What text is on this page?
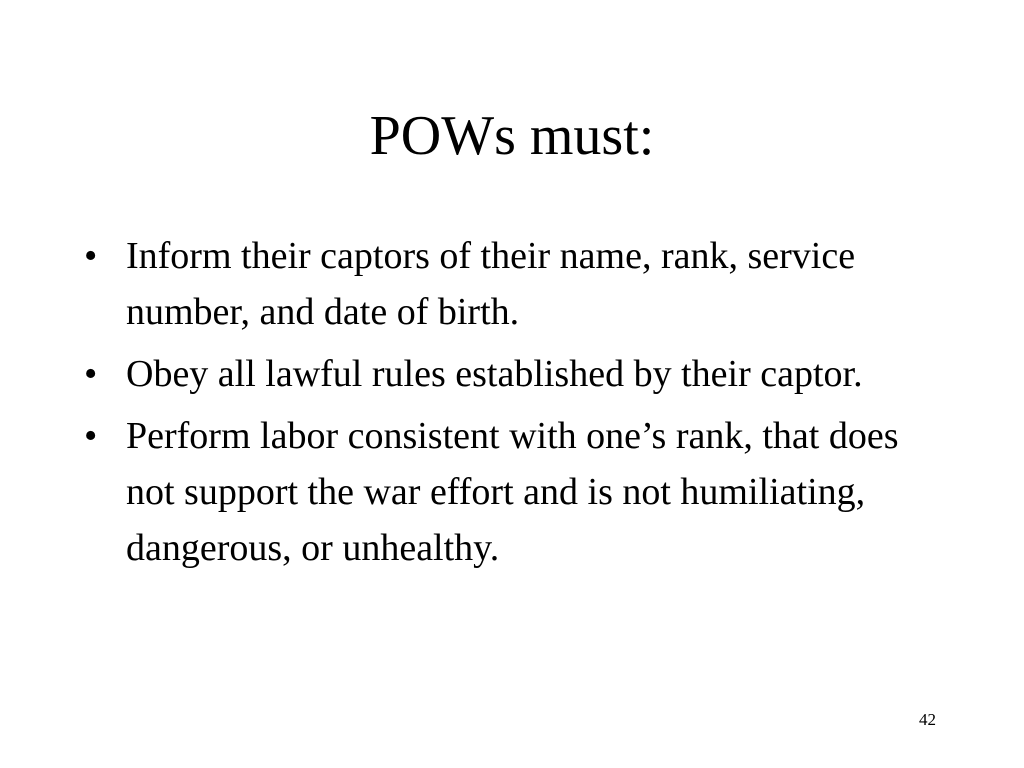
POWs must:
• Inform their captors of their name, rank, service number, and date of birth.
• Obey all lawful rules established by their captor.
• Perform labor consistent with one’s rank, that does not support the war effort and is not humiliating, dangerous, or unhealthy.
42
